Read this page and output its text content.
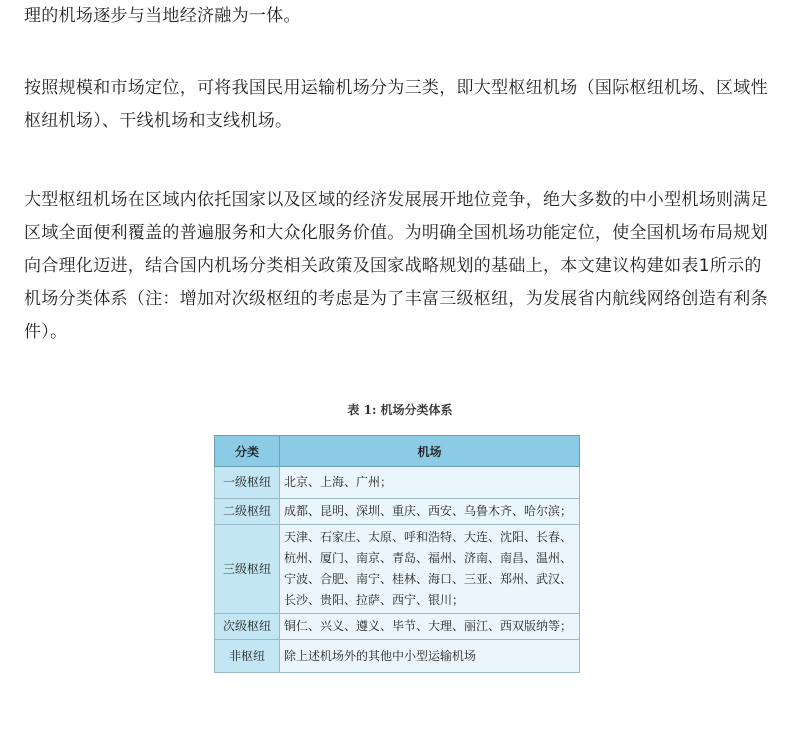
理的机场逐步与当地经济融为一体。

按照规模和市场定位，可将我国民用运输机场分为三类，即大型枢纽机场（国际枢纽机场、区域性枢纽机场）、干线机场和支线机场。

大型枢纽机场在区域内依托国家以及区域的经济发展展开地位竞争，绝大多数的中小型机场则满足区域全面便利覆盖的普遍服务和大众化服务价值。为明确全国机场功能定位，使全国机场布局规划向合理化迈进，结合国内机场分类相关政策及国家战略规划的基础上，本文建议构建如表1所示的机场分类体系（注：增加对次级枢纽的考虑是为了丰富三级枢纽，为发展省内航线网络创造有利条件）。

表 1: 机场分类体系
分类	机场
一级枢纽	北京、上海、广州；
二级枢纽	成都、昆明、深圳、重庆、西安、乌鲁木齐、哈尔滨；
三级枢纽	天津、石家庄、太原、呼和浩特、大连、沈阳、长春、杭州、厦门、南京、青岛、福州、济南、南昌、温州、宁波、合肥、南宁、桂林、海口、三亚、郑州、武汉、长沙、贵阳、拉萨、西宁、银川；
次级枢纽	铜仁、兴义、遵义、毕节、大理、丽江、西双版纳等；
非枢纽	除上述机场外的其他中小型运输机场
